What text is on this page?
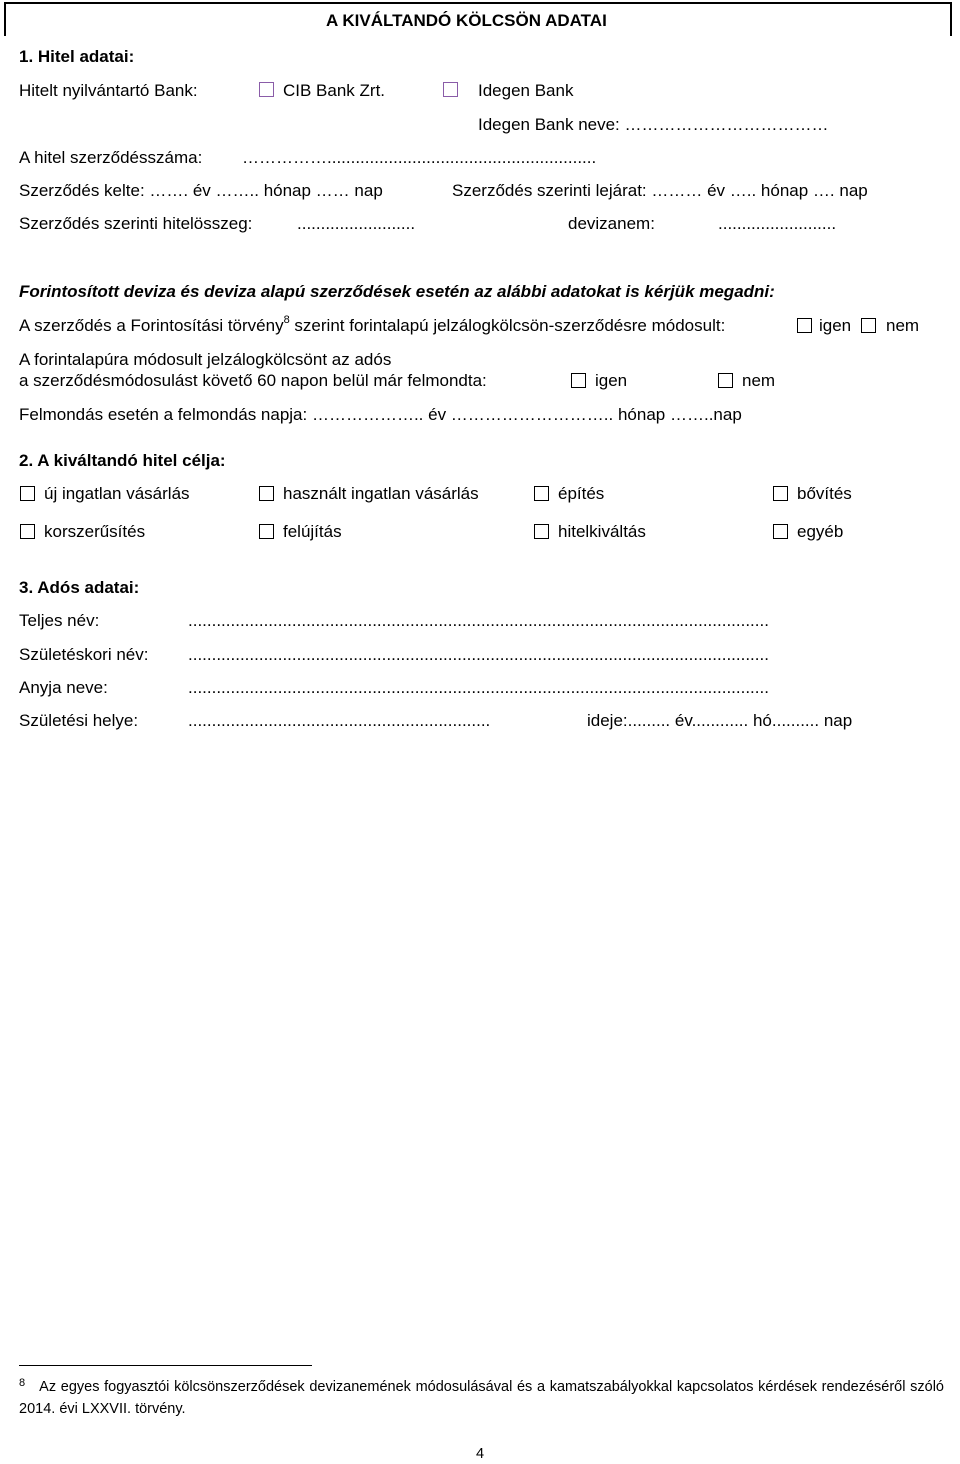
A KIVÁLTANDÓ KÖLCSÖN ADATAI
1. Hitel adatai:
Hitelt nyilvántartó Bank:	CIB Bank Zrt.	Idegen Bank
Idegen Bank neve: ………………………………
A hitel szerződésszáma: …………….........................................................
Szerződés kelte: ……. év …….. hónap …… nap	Szerződés szerinti lejárat: ……… év ….. hónap …. nap
Szerződés szerinti hitelösszeg:	.........................	devizanem:	.........................
Forintosított deviza és deviza alapú szerződések esetén az alábbi adatokat is kérjük megadni:
A szerződés a Forintosítási törvény$^8$ szerint forintalapú jelzálogkölcsön-szerződésre módosult:	igen nem
A forintalapúra módosult jelzálogkölcsönt az adós
a szerződésmódosulást követő 60 napon belül már felmondta:	igen	nem
Felmondás esetén a felmondás napja: ……………….. év ……………………….. hónap ……..nap
2. A kiváltandó hitel célja:
új ingatlan vásárlás	használt ingatlan vásárlás	építés	bővítés
korszerűsítés	felújítás	hitelkiváltás	egyéb
3. Adós adatai:
Teljes név:	...........................................................................................................................
Születéskori név: ...........................................................................................................................
Anyja neve:	...........................................................................................................................
Születési helye:	................................................................	ideje:......... év............ hó.......... nap
$^8$ Az egyes fogyasztói kölcsönszerződések devizanemének módosulásával és a kamatszabályokkal kapcsolatos kérdések rendezéséről szóló 2014. évi LXXVII. törvény.
4
